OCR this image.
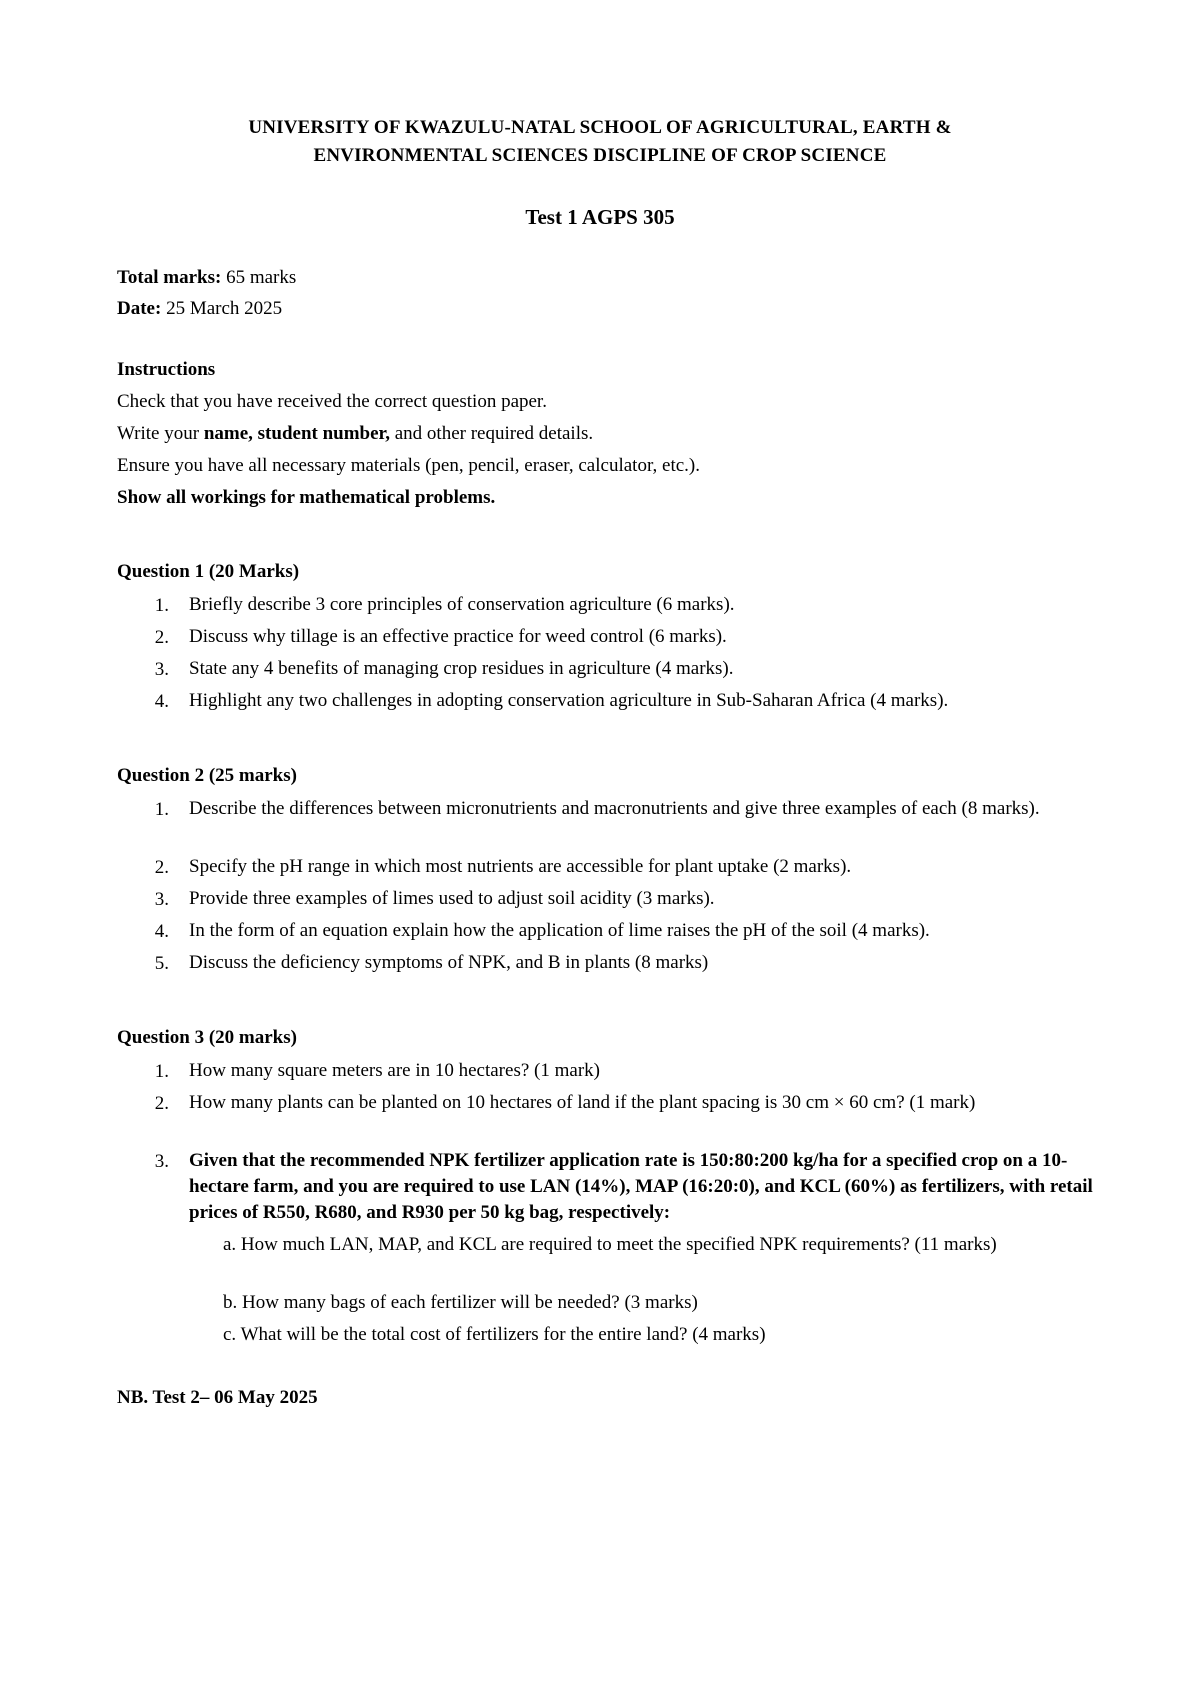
UNIVERSITY OF KWAZULU-NATAL SCHOOL OF AGRICULTURAL, EARTH &
ENVIRONMENTAL SCIENCES DISCIPLINE OF CROP SCIENCE
Test 1 AGPS 305
Total marks: 65 marks
Date: 25 March 2025
Instructions
Check that you have received the correct question paper.
Write your name, student number, and other required details.
Ensure you have all necessary materials (pen, pencil, eraser, calculator, etc.).
Show all workings for mathematical problems.
Question 1 (20 Marks)
1. Briefly describe 3 core principles of conservation agriculture (6 marks).
2. Discuss why tillage is an effective practice for weed control (6 marks).
3. State any 4 benefits of managing crop residues in agriculture (4 marks).
4. Highlight any two challenges in adopting conservation agriculture in Sub-Saharan Africa (4 marks).
Question 2 (25 marks)
1. Describe the differences between micronutrients and macronutrients and give three examples of each (8 marks).
2. Specify the pH range in which most nutrients are accessible for plant uptake (2 marks).
3. Provide three examples of limes used to adjust soil acidity (3 marks).
4. In the form of an equation explain how the application of lime raises the pH of the soil (4 marks).
5. Discuss the deficiency symptoms of NPK, and B in plants (8 marks)
Question 3 (20 marks)
1. How many square meters are in 10 hectares? (1 mark)
2. How many plants can be planted on 10 hectares of land if the plant spacing is 30 cm × 60 cm? (1 mark)
3. Given that the recommended NPK fertilizer application rate is 150:80:200 kg/ha for a specified crop on a 10-hectare farm, and you are required to use LAN (14%), MAP (16:20:0), and KCL (60%) as fertilizers, with retail prices of R550, R680, and R930 per 50 kg bag, respectively:
a. How much LAN, MAP, and KCL are required to meet the specified NPK requirements? (11 marks)
b. How many bags of each fertilizer will be needed? (3 marks)
c. What will be the total cost of fertilizers for the entire land? (4 marks)
NB. Test 2– 06 May 2025
